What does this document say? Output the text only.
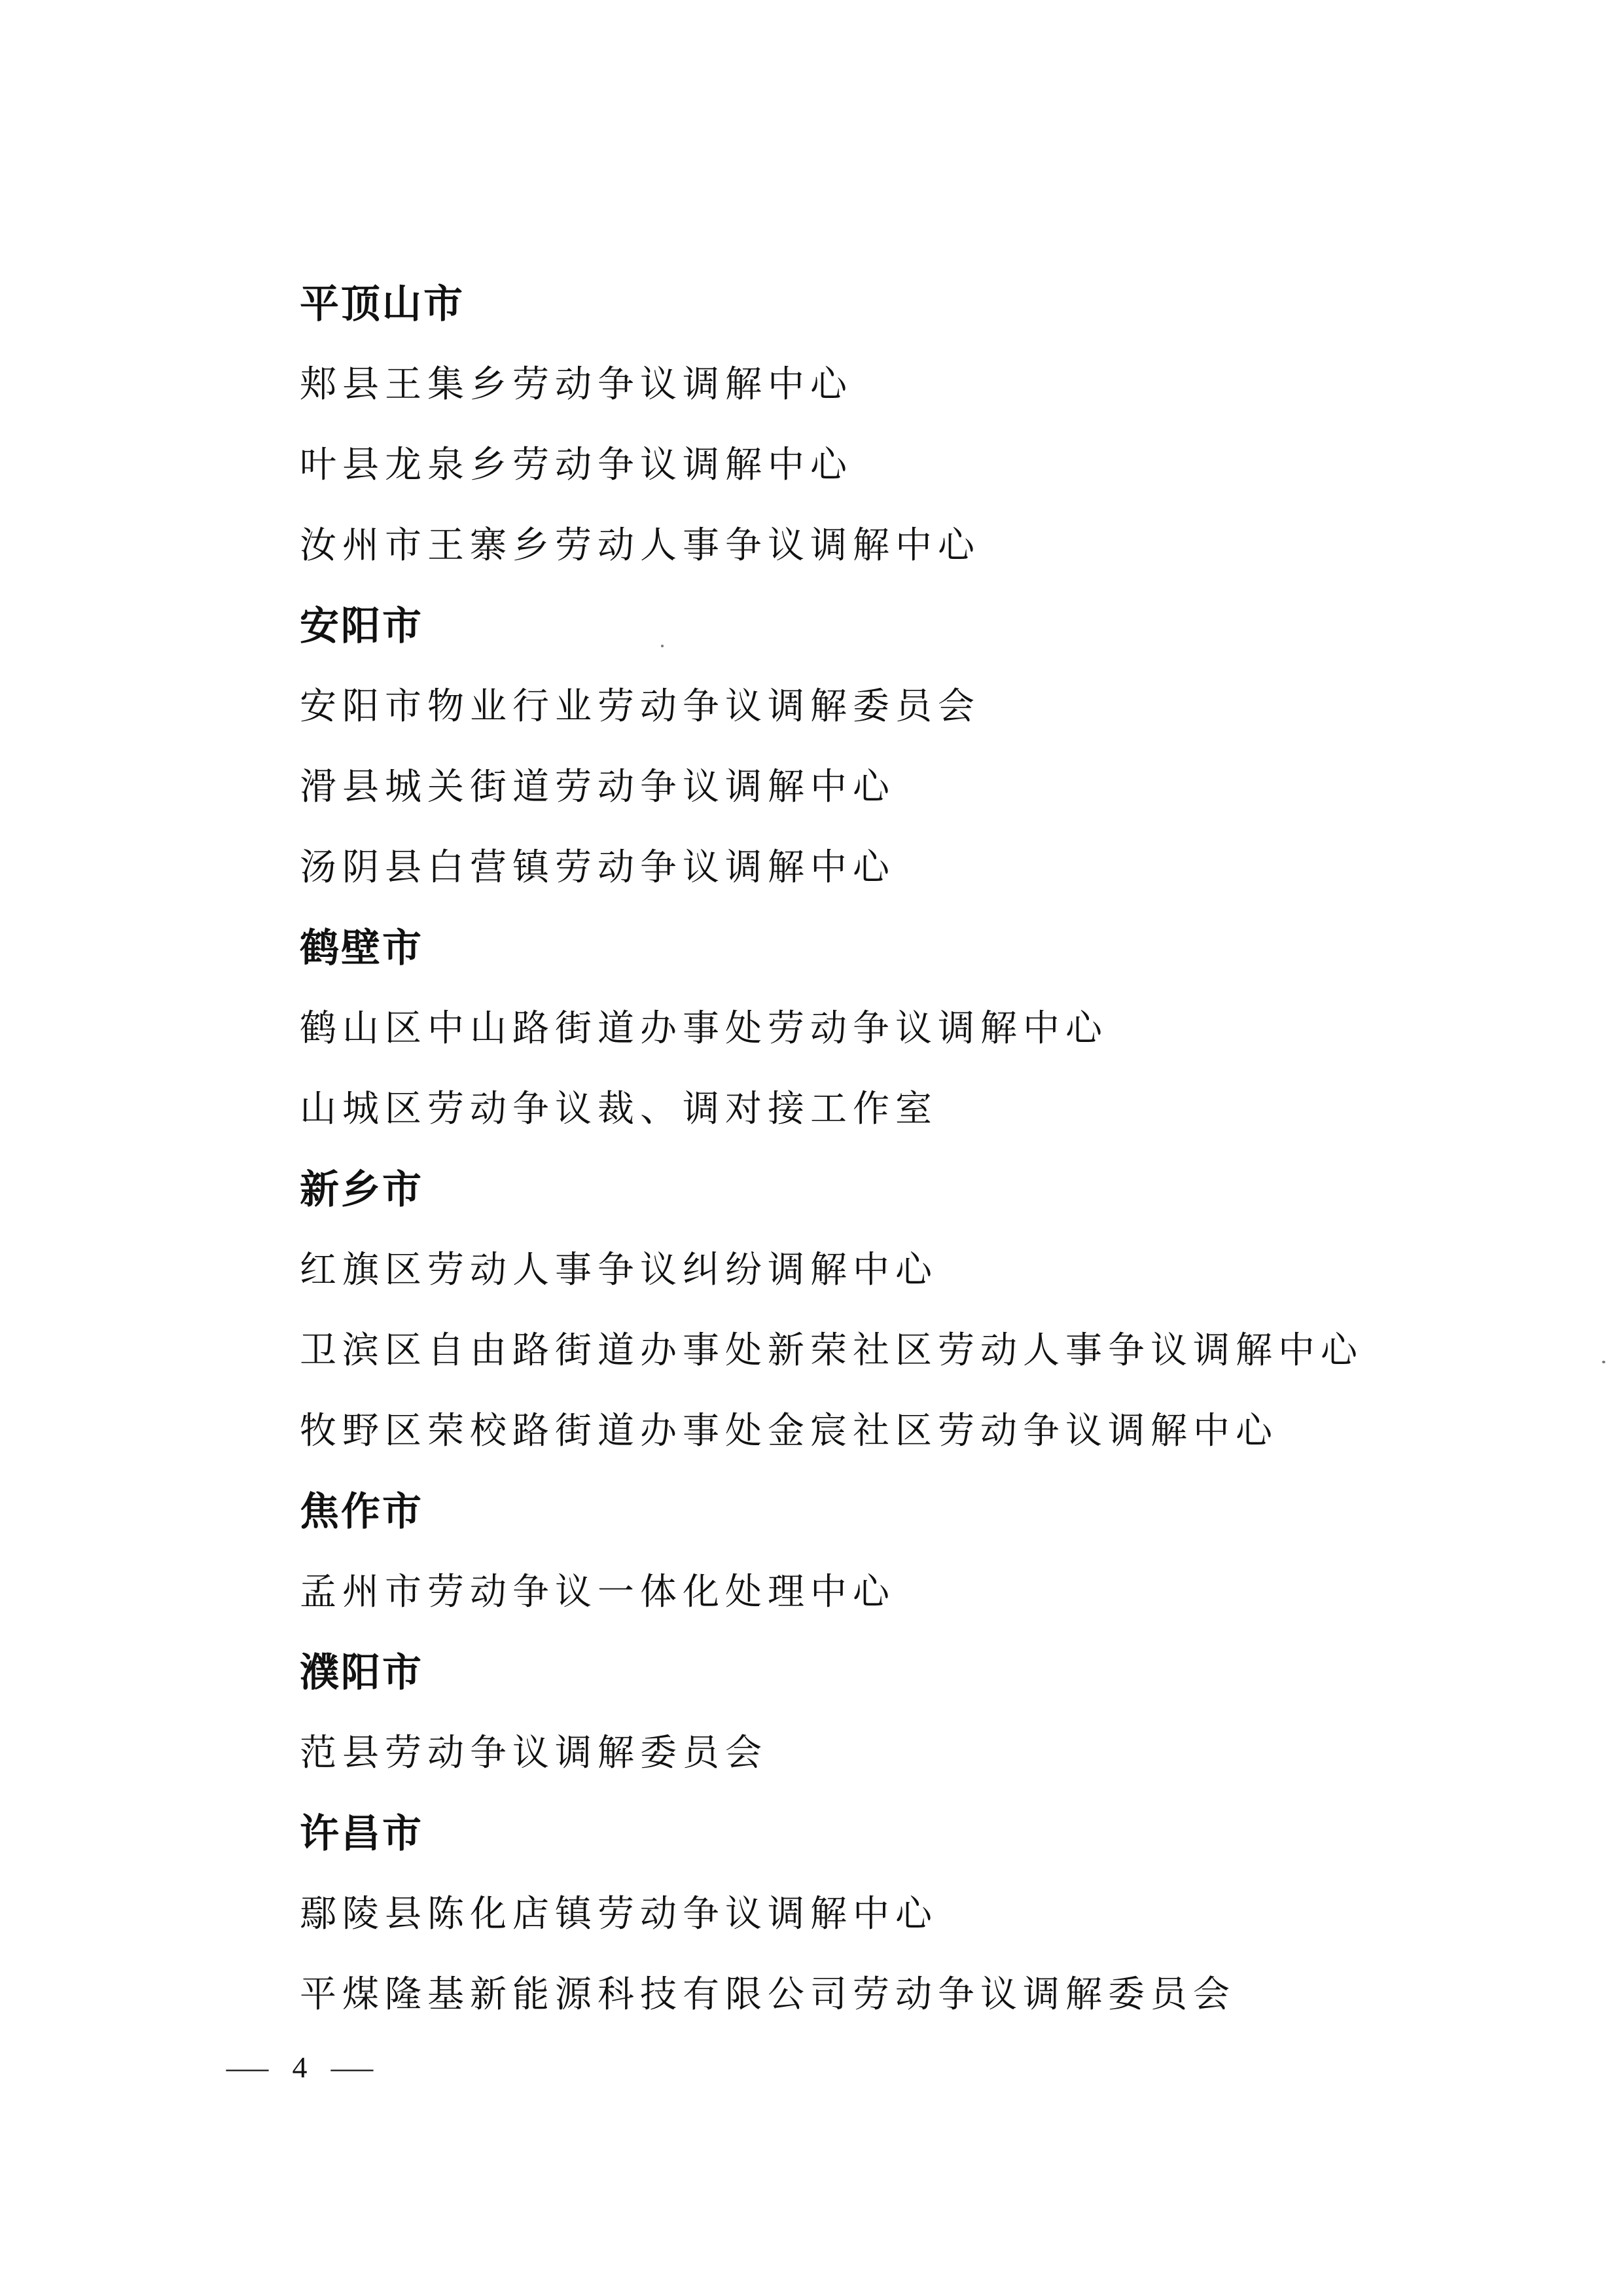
平顶山市
郏县王集乡劳动争议调解中心
叶县龙泉乡劳动争议调解中心
汝州市王寨乡劳动人事争议调解中心
安阳市
安阳市物业行业劳动争议调解委员会
滑县城关街道劳动争议调解中心
汤阴县白营镇劳动争议调解中心
鹤壁市
鹤山区中山路街道办事处劳动争议调解中心
山城区劳动争议裁、调对接工作室
新乡市
红旗区劳动人事争议纠纷调解中心
卫滨区自由路街道办事处新荣社区劳动人事争议调解中心
牧野区荣校路街道办事处金宸社区劳动争议调解中心
焦作市
孟州市劳动争议一体化处理中心
濮阳市
范县劳动争议调解委员会
许昌市
鄢陵县陈化店镇劳动争议调解中心
平煤隆基新能源科技有限公司劳动争议调解委员会
— 4 —
